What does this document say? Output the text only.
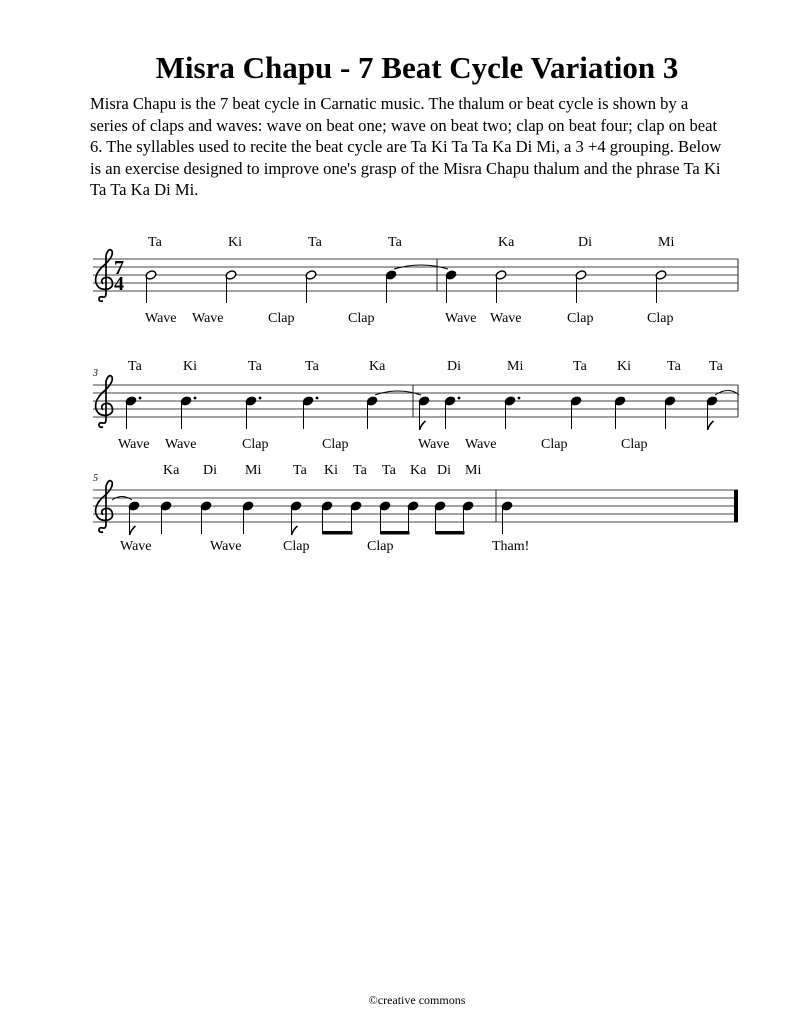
Misra Chapu - 7 Beat Cycle Variation 3
Misra Chapu is the 7 beat cycle in Carnatic music. The thalum or beat cycle is shown by a series of claps and waves: wave on beat one; wave on beat two; clap on beat four; clap on beat 6. The syllables used to recite the beat cycle are Ta Ki Ta Ta Ka Di Mi, a 3 +4 grouping. Below is an exercise designed to improve one's grasp of the Misra Chapu thalum and the phrase Ta Ki Ta Ta Ka Di Mi.
7
4
Ta	Ki	Ta	Ta	Ka	Di	Mi
Wave Wave	Clap	Clap	Wave Wave	Clap	Clap
3 Ta	Ki	Ta	Ta	Ka	Di	Mi	Ta Ki	Ta Ta
Wave Wave	Clap	Clap	Wave Wave	Clap	Clap
5
Ka Di Mi Ta Ki Ta Ta Ka Di Mi
Wave	Wave	Clap	Clap	Tham!
©creative commons
